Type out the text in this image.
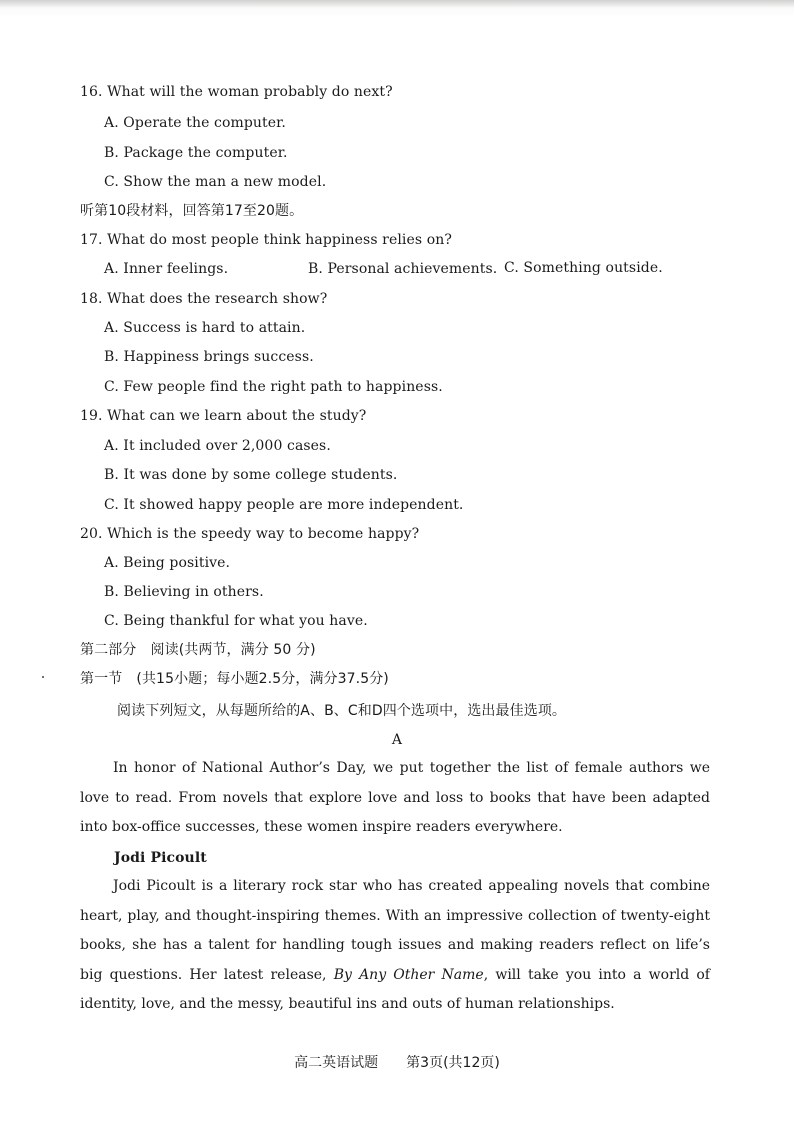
16. What will the woman probably do next?
A. Operate the computer.
B. Package the computer.
C. Show the man a new model.
听第10段材料，回答第17至20题。
17. What do most people think happiness relies on?
A. Inner feelings.	B. Personal achievements. C. Something outside.
18. What does the research show?
A. Success is hard to attain.
B. Happiness brings success.
C. Few people find the right path to happiness.
19. What can we learn about the study?
A. It included over 2,000 cases.
B. It was done by some college students.
C. It showed happy people are more independent.
20. Which is the speedy way to become happy?
A. Being positive.
B. Believing in others.
C. Being thankful for what you have.
第二部分　阅读(共两节，满分 50 分)
第一节　(共15小题；每小题2.5分，满分37.5分)
阅读下列短文，从每题所给的A、B、C和D四个选项中，选出最佳选项。
A
In honor of National Author’s Day, we put together the list of female authors we love to read. From novels that explore love and loss to books that have been adapted into box-office successes, these women inspire readers everywhere.
Jodi Picoult
Jodi Picoult is a literary rock star who has created appealing novels that combine heart, play, and thought-inspiring themes. With an impressive collection of twenty-eight books, she has a talent for handling tough issues and making readers reflect on life’s big questions. Her latest release, By Any Other Name, will take you into a world of identity, love, and the messy, beautiful ins and outs of human relationships.
高二英语试题 第3页(共12页)
